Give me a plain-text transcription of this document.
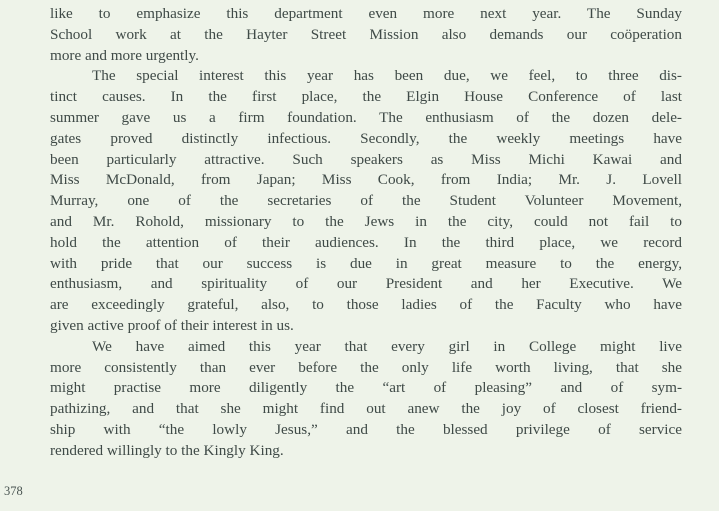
like to emphasize this department even more next year. The Sunday
School work at the Hayter Street Mission also demands our coöperation
more and more urgently.
The special interest this year has been due, we feel, to three dis-
tinct causes. In the first place, the Elgin House Conference of last
summer gave us a firm foundation. The enthusiasm of the dozen dele-
gates proved distinctly infectious. Secondly, the weekly meetings have
been particularly attractive. Such speakers as Miss Michi Kawai and
Miss McDonald, from Japan; Miss Cook, from India; Mr. J. Lovell
Murray, one of the secretaries of the Student Volunteer Movement,
and Mr. Rohold, missionary to the Jews in the city, could not fail to
hold the attention of their audiences. In the third place, we record
with pride that our success is due in great measure to the energy,
enthusiasm, and spirituality of our President and her Executive. We
are exceedingly grateful, also, to those ladies of the Faculty who have
given active proof of their interest in us.
We have aimed this year that every girl in College might live
more consistently than ever before the only life worth living, that she
might practise more diligently the “art of pleasing” and of sym-
pathizing, and that she might find out anew the joy of closest friend-
ship with “the lowly Jesus,” and the blessed privilege of service
rendered willingly to the Kingly King.
378
